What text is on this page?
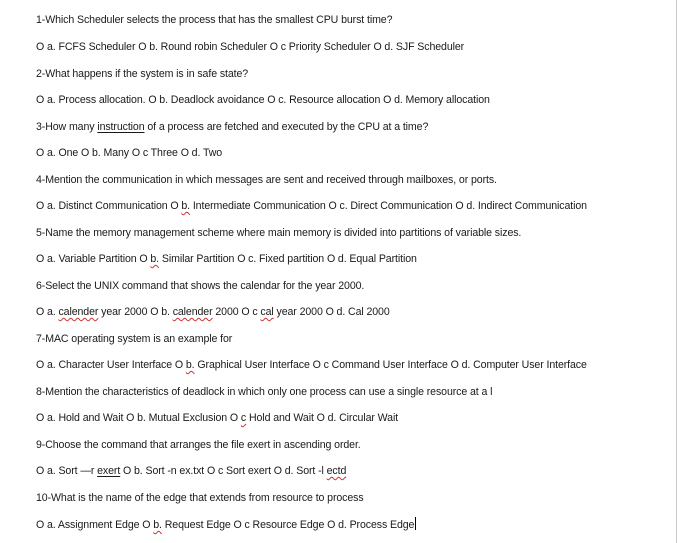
1-Which Scheduler selects the process that has the smallest CPU burst time?
O a. FCFS Scheduler O b. Round robin Scheduler O c Priority Scheduler O d. SJF Scheduler
2-What happens if the system is in safe state?
O a. Process allocation. O b. Deadlock avoidance O c. Resource allocation O d. Memory allocation
3-How many instruction of a process are fetched and executed by the CPU at a time?
O a. One O b. Many O c Three O d. Two
4-Mention the communication in which messages are sent and received through mailboxes, or ports.
O a. Distinct Communication O b. Intermediate Communication O c. Direct Communication O d. Indirect Communication
5-Name the memory management scheme where main memory is divided into partitions of variable sizes.
O a. Variable Partition O b. Similar Partition O c. Fixed partition O d. Equal Partition
6-Select the UNIX command that shows the calendar for the year 2000.
O a. calender year 2000 O b. calender 2000 O c cal year 2000 O d. Cal 2000
7-MAC operating system is an example for
O a. Character User Interface O b. Graphical User Interface O c Command User Interface O d. Computer User Interface
8-Mention the characteristics of deadlock in which only one process can use a single resource at a l
O a. Hold and Wait O b. Mutual Exclusion O c Hold and Wait O d. Circular Wait
9-Choose the command that arranges the file exert in ascending order.
O a. Sort —r exert O b. Sort -n ex.txt O c Sort exert O d. Sort -l ectd
10-What is the name of the edge that extends from resource to process
O a. Assignment Edge O b. Request Edge O c Resource Edge O d. Process Edge
